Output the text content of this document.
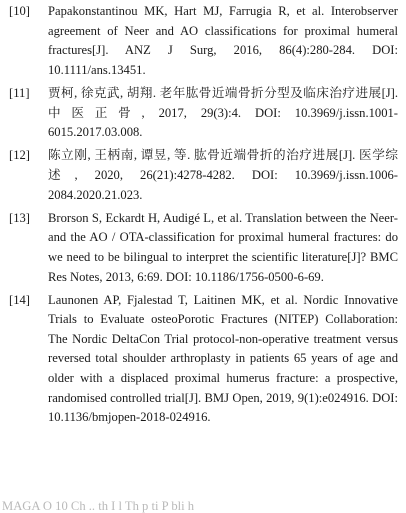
[10] Papakonstantinou MK, Hart MJ, Farrugia R, et al. Interobserver agreement of Neer and AO classifications for proximal humeral fractures[J]. ANZ J Surg, 2016, 86(4):280-284. DOI: 10.1111/ans.13451.
[11] 贾柯, 徐克武, 胡翔. 老年肱骨近端骨折分型及临床治疗进展[J]. 中医正骨, 2017, 29(3):4. DOI: 10.3969/j.issn.1001-6015.2017.03.008.
[12] 陈立刚, 王柄南, 谭昱, 等. 肱骨近端骨折的治疗进展[J]. 医学综述, 2020, 26(21):4278-4282. DOI: 10.3969/j.issn.1006-2084.2020.21.023.
[13] Brorson S, Eckardt H, Audigé L, et al. Translation between the Neer- and the AO / OTA-classification for proximal humeral fractures: do we need to be bilingual to interpret the scientific literature[J]? BMC Res Notes, 2013, 6:69. DOI: 10.1186/1756-0500-6-69.
[14] Launonen AP, Fjalestad T, Laitinen MK, et al. Nordic Innovative Trials to Evaluate osteoPorotic Fractures (NITEP) Collaboration: The Nordic DeltaCon Trial protocol-non-operative treatment versus reversed total shoulder arthroplasty in patients 65 years of age and older with a displaced proximal humerus fracture: a prospective, randomised controlled trial[J]. BMJ Open, 2019, 9(1):e024916. DOI: 10.1136/bmjopen-2018-024916.
MAGA O 10 Ch .. th I l Th p ti P bli h
